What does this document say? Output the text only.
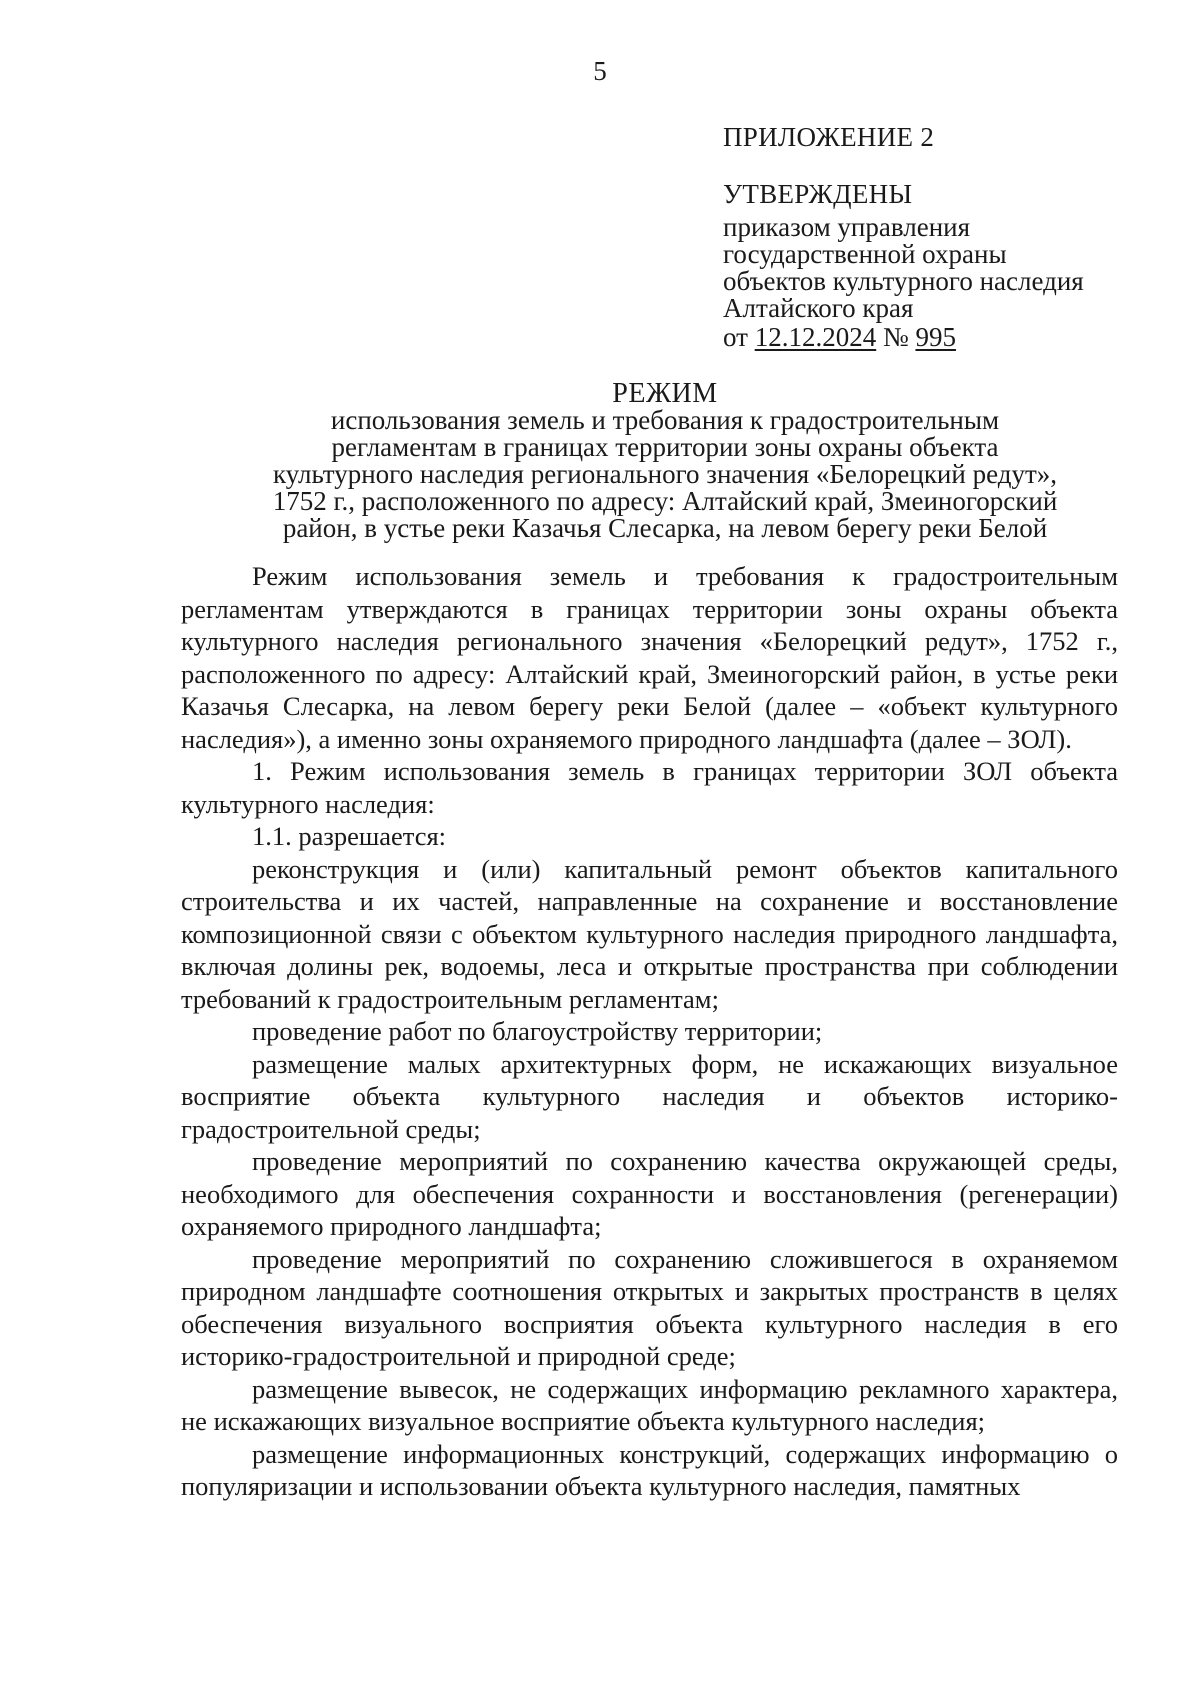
5
ПРИЛОЖЕНИЕ 2
УТВЕРЖДЕНЫ
приказом управления
государственной охраны
объектов культурного наследия
Алтайского края
от 12.12.2024 № 995
РЕЖИМ
использования земель и требования к градостроительным
регламентам в границах территории зоны охраны объекта
культурного наследия регионального значения «Белорецкий редут»,
1752 г., расположенного по адресу: Алтайский край, Змеиногорский
район, в устье реки Казачья Слесарка, на левом берегу реки Белой

Режим использования земель и требования к градостроительным регламентам утверждаются в границах территории зоны охраны объекта культурного наследия регионального значения «Белорецкий редут», 1752 г., расположенного по адресу: Алтайский край, Змеиногорский район, в устье реки Казачья Слесарка, на левом берегу реки Белой (далее – «объект культурного наследия»), а именно зоны охраняемого природного ландшафта (далее – ЗОЛ).

1. Режим использования земель в границах территории ЗОЛ объекта культурного наследия:

1.1. разрешается:

реконструкция и (или) капитальный ремонт объектов капитального строительства и их частей, направленные на сохранение и восстановление композиционной связи с объектом культурного наследия природного ландшафта, включая долины рек, водоемы, леса и открытые пространства при соблюдении требований к градостроительным регламентам;

проведение работ по благоустройству территории;

размещение малых архитектурных форм, не искажающих визуальное восприятие объекта культурного наследия и объектов историко-градостроительной среды;

проведение мероприятий по сохранению качества окружающей среды, необходимого для обеспечения сохранности и восстановления (регенерации) охраняемого природного ландшафта;

проведение мероприятий по сохранению сложившегося в охраняемом природном ландшафте соотношения открытых и закрытых пространств в целях обеспечения визуального восприятия объекта культурного наследия в его историко-градостроительной и природной среде;

размещение вывесок, не содержащих информацию рекламного характера, не искажающих визуальное восприятие объекта культурного наследия;

размещение информационных конструкций, содержащих информацию о популяризации и использовании объекта культурного наследия, памятных
